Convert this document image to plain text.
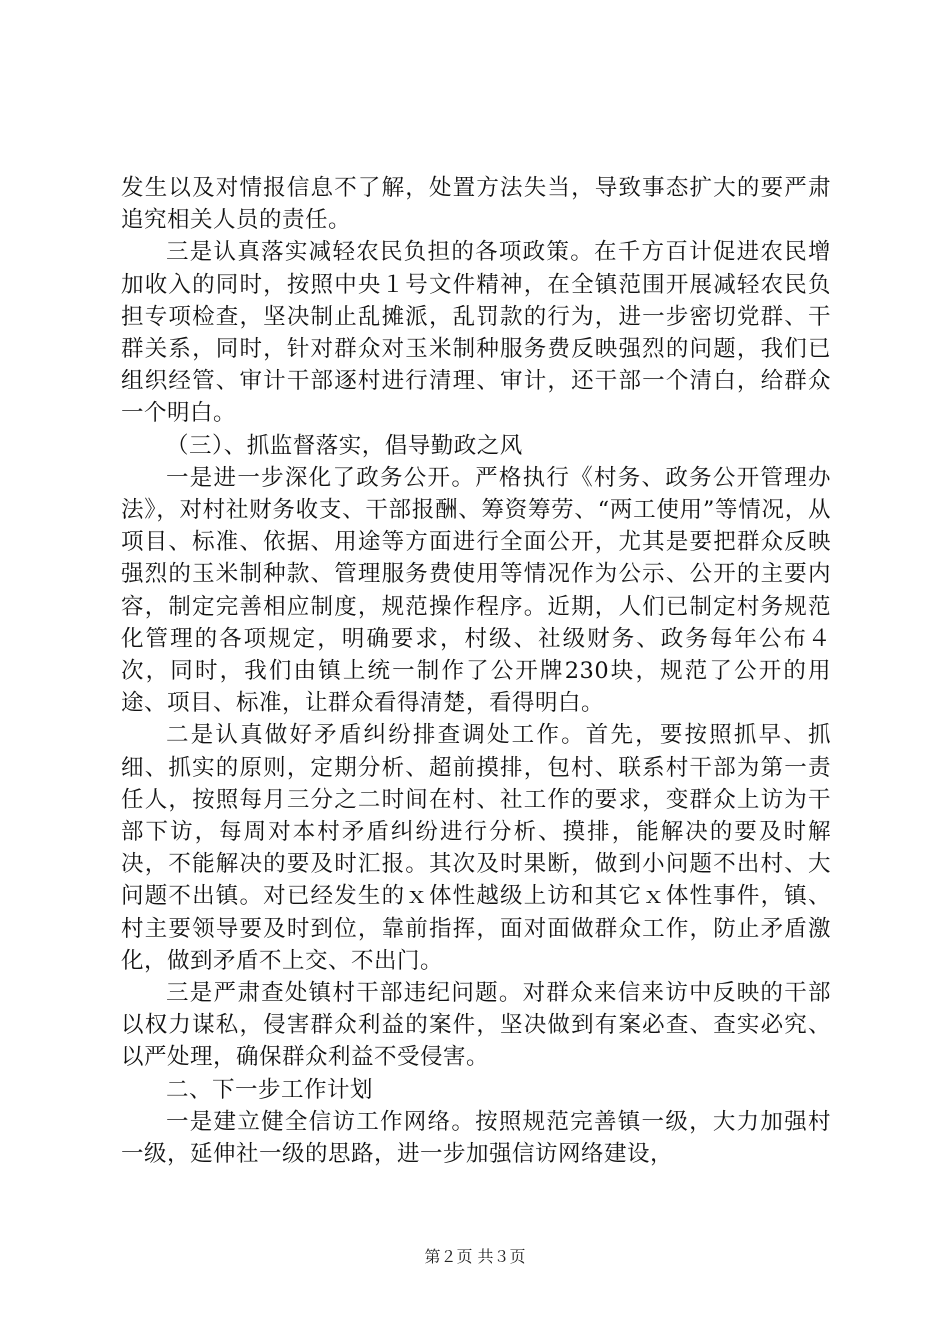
发生以及对情报信息不了解，处置方法失当，导致事态扩大的要严肃追究相关人员的责任。

三是认真落实减轻农民负担的各项政策。在千方百计促进农民增加收入的同时，按照中央１号文件精神，在全镇范围开展减轻农民负担专项检查，坚决制止乱摊派，乱罚款的行为，进一步密切党群、干群关系，同时，针对群众对玉米制种服务费反映强烈的问题，我们已组织经管、审计干部逐村进行清理、审计，还干部一个清白，给群众一个明白。

（三）、抓监督落实，倡导勤政之风

一是进一步深化了政务公开。严格执行《村务、政务公开管理办法》，对村社财务收支、干部报酬、筹资筹劳、“两工使用”等情况，从项目、标准、依据、用途等方面进行全面公开，尤其是要把群众反映强烈的玉米制种款、管理服务费使用等情况作为公示、公开的主要内容，制定完善相应制度，规范操作程序。近期，人们已制定村务规范化管理的各项规定，明确要求，村级、社级财务、政务每年公布４次，同时，我们由镇上统一制作了公开牌230块，规范了公开的用途、项目、标准，让群众看得清楚，看得明白。

二是认真做好矛盾纠纷排查调处工作。首先，要按照抓早、抓细、抓实的原则，定期分析、超前摸排，包村、联系村干部为第一责任人，按照每月三分之二时间在村、社工作的要求，变群众上访为干部下访，每周对本村矛盾纠纷进行分析、摸排，能解决的要及时解决，不能解决的要及时汇报。其次及时果断，做到小问题不出村、大问题不出镇。对已经发生的ｘ体性越级上访和其它ｘ体性事件，镇、村主要领导要及时到位，靠前指挥，面对面做群众工作，防止矛盾激化，做到矛盾不上交、不出门。

三是严肃查处镇村干部违纪问题。对群众来信来访中反映的干部以权力谋私，侵害群众利益的案件，坚决做到有案必查、查实必究、以严处理，确保群众利益不受侵害。

二、下一步工作计划

一是建立健全信访工作网络。按照规范完善镇一级，大力加强村一级，延伸社一级的思路，进一步加强信访网络建设，

第２页 共３页
